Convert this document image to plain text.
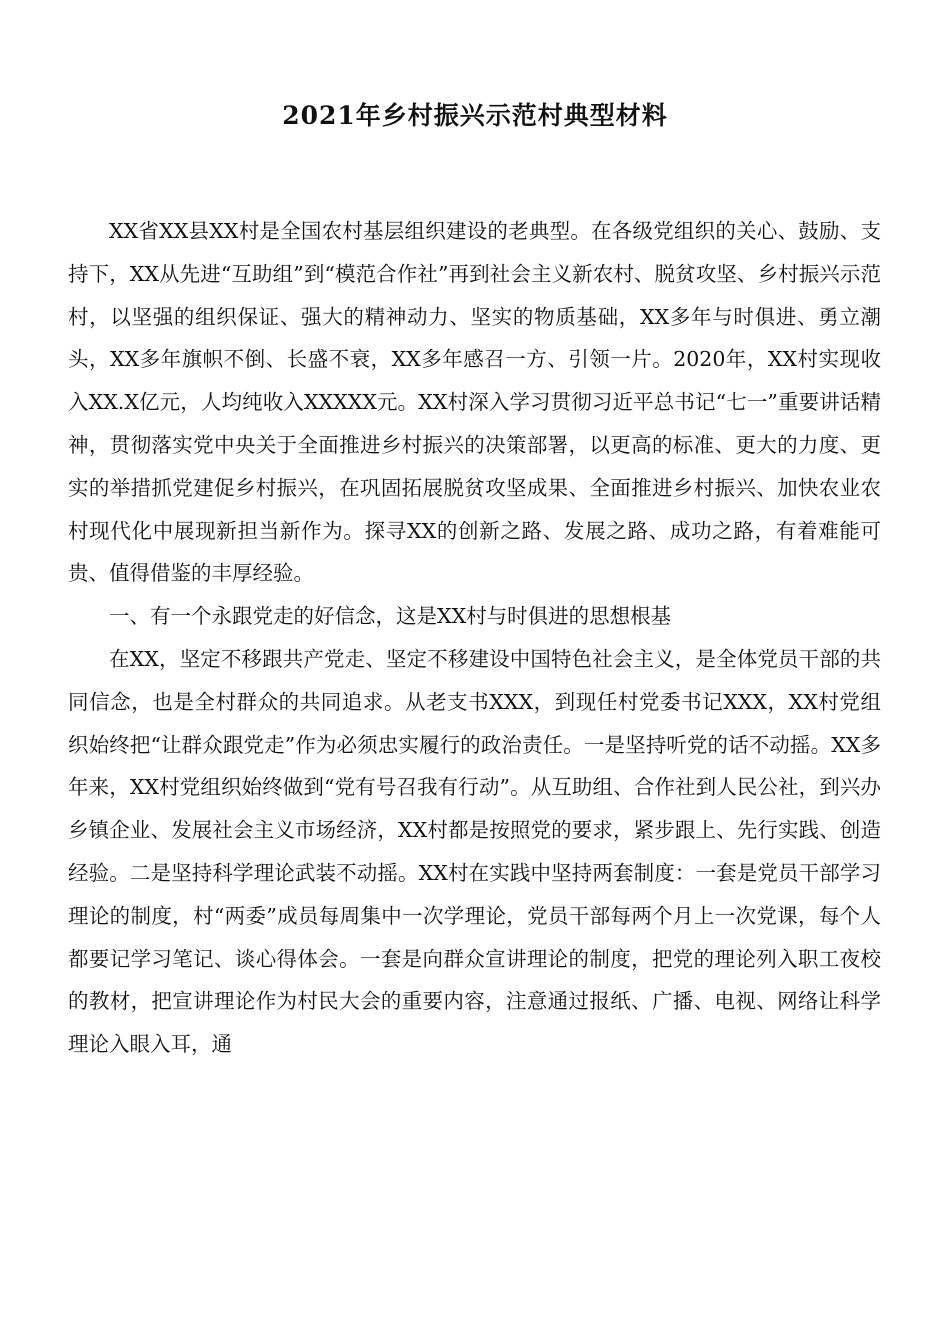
2021年乡村振兴示范村典型材料

XX省XX县XX村是全国农村基层组织建设的老典型。在各级党组织的关心、鼓励、支持下，XX从先进“互助组”到“模范合作社”再到社会主义新农村、脱贫攻坚、乡村振兴示范村，以坚强的组织保证、强大的精神动力、坚实的物质基础，XX多年与时俱进、勇立潮头，XX多年旗帜不倒、长盛不衰，XX多年感召一方、引领一片。2020年，XX村实现收入XX.X亿元，人均纯收入XXXXX元。XX村深入学习贯彻习近平总书记“七一”重要讲话精神，贯彻落实党中央关于全面推进乡村振兴的决策部署，以更高的标准、更大的力度、更实的举措抓党建促乡村振兴，在巩固拓展脱贫攻坚成果、全面推进乡村振兴、加快农业农村现代化中展现新担当新作为。探寻XX的创新之路、发展之路、成功之路，有着难能可贵、值得借鉴的丰厚经验。

一、有一个永跟党走的好信念，这是XX村与时俱进的思想根基

在XX，坚定不移跟共产党走、坚定不移建设中国特色社会主义，是全体党员干部的共同信念，也是全村群众的共同追求。从老支书XXX，到现任村党委书记XXX，XX村党组织始终把“让群众跟党走”作为必须忠实履行的政治责任。一是坚持听党的话不动摇。XX多年来，XX村党组织始终做到“党有号召我有行动”。从互助组、合作社到人民公社，到兴办乡镇企业、发展社会主义市场经济，XX村都是按照党的要求，紧步跟上、先行实践、创造经验。二是坚持科学理论武装不动摇。XX村在实践中坚持两套制度：一套是党员干部学习理论的制度，村“两委”成员每周集中一次学理论，党员干部每两个月上一次党课，每个人都要记学习笔记、谈心得体会。一套是向群众宣讲理论的制度，把党的理论列入职工夜校的教材，把宣讲理论作为村民大会的重要内容，注意通过报纸、广播、电视、网络让科学理论入眼入耳，通
